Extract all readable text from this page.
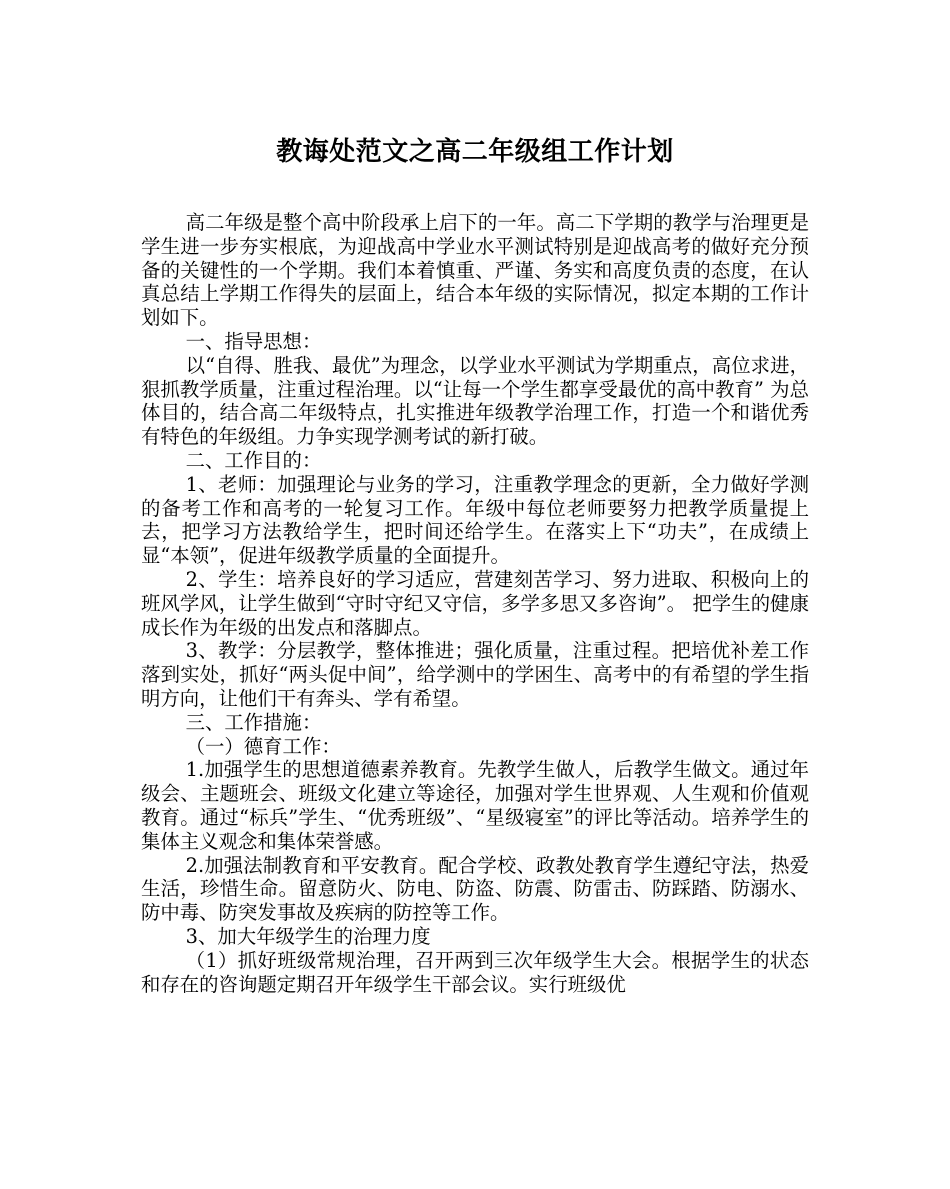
教诲处范文之高二年级组工作计划

高二年级是整个高中阶段承上启下的一年。高二下学期的教学与治理更是学生进一步夯实根底，为迎战高中学业水平测试特别是迎战高考的做好充分预备的关键性的一个学期。我们本着慎重、严谨、务实和高度负责的态度，在认真总结上学期工作得失的层面上，结合本年级的实际情况，拟定本期的工作计划如下。

一、指导思想：

以“自得、胜我、最优”为理念，以学业水平测试为学期重点，高位求进，狠抓教学质量，注重过程治理。以“让每一个学生都享受最优的高中教育” 为总体目的，结合高二年级特点，扎实推进年级教学治理工作，打造一个和谐优秀有特色的年级组。力争实现学测考试的新打破。

二、工作目的：

1、老师：加强理论与业务的学习，注重教学理念的更新，全力做好学测的备考工作和高考的一轮复习工作。年级中每位老师要努力把教学质量提上去，把学习方法教给学生，把时间还给学生。在落实上下“功夫”，在成绩上显“本领”，促进年级教学质量的全面提升。

2、学生：培养良好的学习适应，营建刻苦学习、努力进取、积极向上的班风学风，让学生做到“守时守纪又守信，多学多思又多咨询”。 把学生的健康成长作为年级的出发点和落脚点。

3、教学：分层教学，整体推进；强化质量，注重过程。把培优补差工作落到实处，抓好“两头促中间”，给学测中的学困生、高考中的有希望的学生指明方向，让他们干有奔头、学有希望。

三、工作措施：

（一）德育工作：

1.加强学生的思想道德素养教育。先教学生做人，后教学生做文。通过年级会、主题班会、班级文化建立等途径，加强对学生世界观、人生观和价值观教育。通过“标兵”学生、“优秀班级”、“星级寝室”的评比等活动。培养学生的集体主义观念和集体荣誉感。

2.加强法制教育和平安教育。配合学校、政教处教育学生遵纪守法，热爱生活，珍惜生命。留意防火、防电、防盗、防震、防雷击、防踩踏、防溺水、防中毒、防突发事故及疾病的防控等工作。

3、加大年级学生的治理力度

（1）抓好班级常规治理，召开两到三次年级学生大会。根据学生的状态和存在的咨询题定期召开年级学生干部会议。实行班级优
